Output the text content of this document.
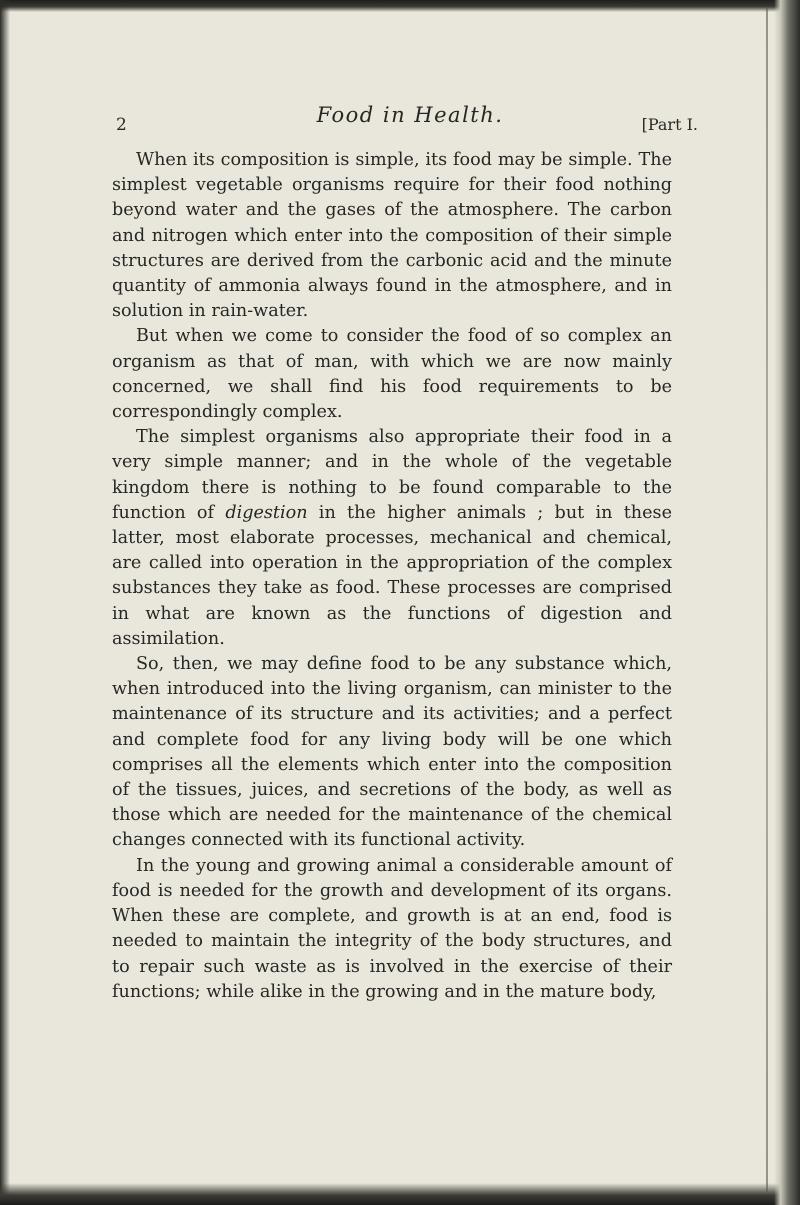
2	Food in Health.	[Part I.

When its composition is simple, its food may be simple. The simplest vegetable organisms require for their food nothing beyond water and the gases of the atmosphere. The carbon and nitrogen which enter into the composition of their simple structures are derived from the carbonic acid and the minute quantity of ammonia always found in the atmosphere, and in solution in rain-water.

But when we come to consider the food of so complex an organism as that of man, with which we are now mainly concerned, we shall find his food requirements to be correspondingly complex.

The simplest organisms also appropriate their food in a very simple manner; and in the whole of the vegetable kingdom there is nothing to be found comparable to the function of digestion in the higher animals ; but in these latter, most elaborate processes, mechanical and chemical, are called into operation in the appropriation of the complex substances they take as food. These processes are comprised in what are known as the functions of digestion and assimilation.

So, then, we may define food to be any substance which, when introduced into the living organism, can minister to the maintenance of its structure and its activities; and a perfect and complete food for any living body will be one which comprises all the elements which enter into the composition of the tissues, juices, and secretions of the body, as well as those which are needed for the maintenance of the chemical changes connected with its functional activity.

In the young and growing animal a considerable amount of food is needed for the growth and development of its organs. When these are complete, and growth is at an end, food is needed to maintain the integrity of the body structures, and to repair such waste as is involved in the exercise of their functions; while alike in the growing and in the mature body,
